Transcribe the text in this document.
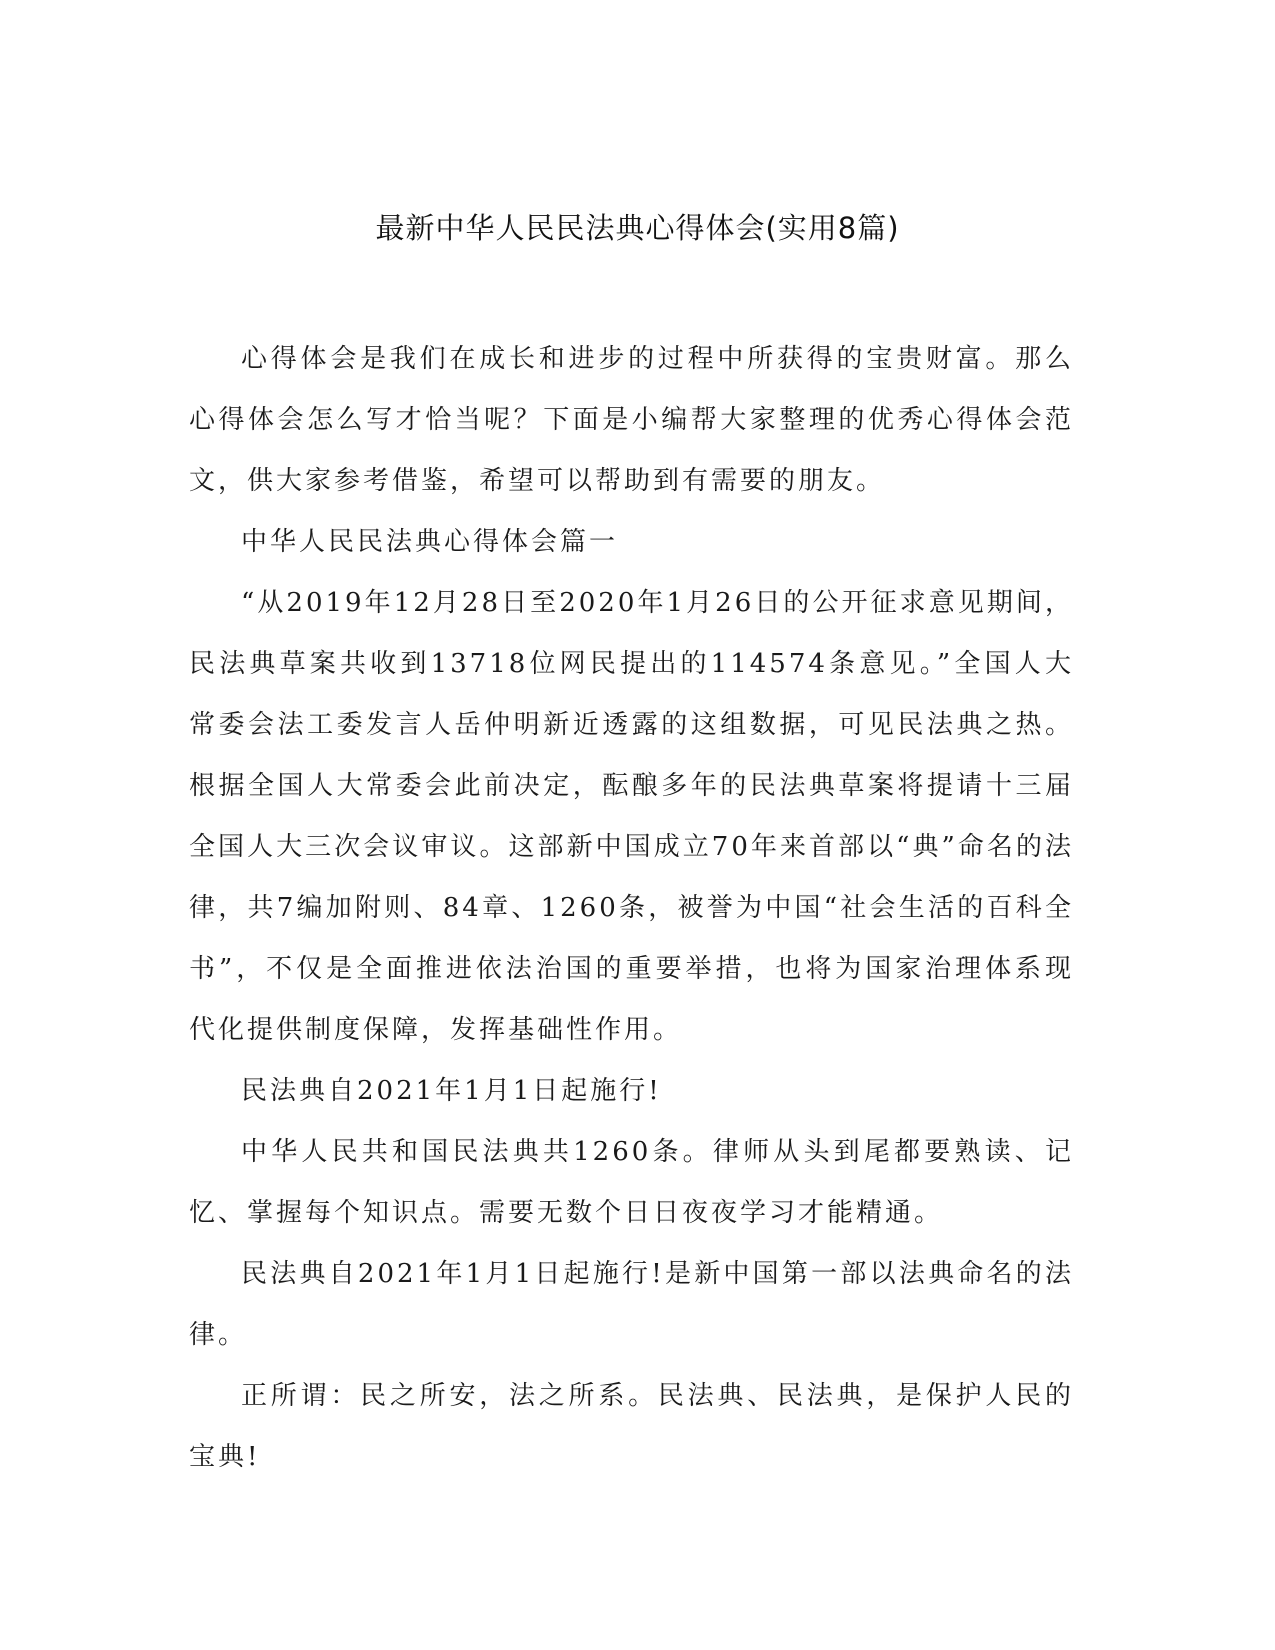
最新中华人民民法典心得体会(实用8篇)

心得体会是我们在成长和进步的过程中所获得的宝贵财富。那么心得体会怎么写才恰当呢？下面是小编帮大家整理的优秀心得体会范文，供大家参考借鉴，希望可以帮助到有需要的朋友。

中华人民民法典心得体会篇一

“从2019年12月28日至2020年1月26日的公开征求意见期间，民法典草案共收到13718位网民提出的114574条意见。”全国人大常委会法工委发言人岳仲明新近透露的这组数据，可见民法典之热。根据全国人大常委会此前决定，酝酿多年的民法典草案将提请十三届全国人大三次会议审议。这部新中国成立70年来首部以“典”命名的法律，共7编加附则、84章、1260条，被誉为中国“社会生活的百科全书”，不仅是全面推进依法治国的重要举措，也将为国家治理体系现代化提供制度保障，发挥基础性作用。

民法典自2021年1月1日起施行!

中华人民共和国民法典共1260条。律师从头到尾都要熟读、记忆、掌握每个知识点。需要无数个日日夜夜学习才能精通。

民法典自2021年1月1日起施行!是新中国第一部以法典命名的法律。

正所谓：民之所安，法之所系。民法典、民法典，是保护人民的宝典!
